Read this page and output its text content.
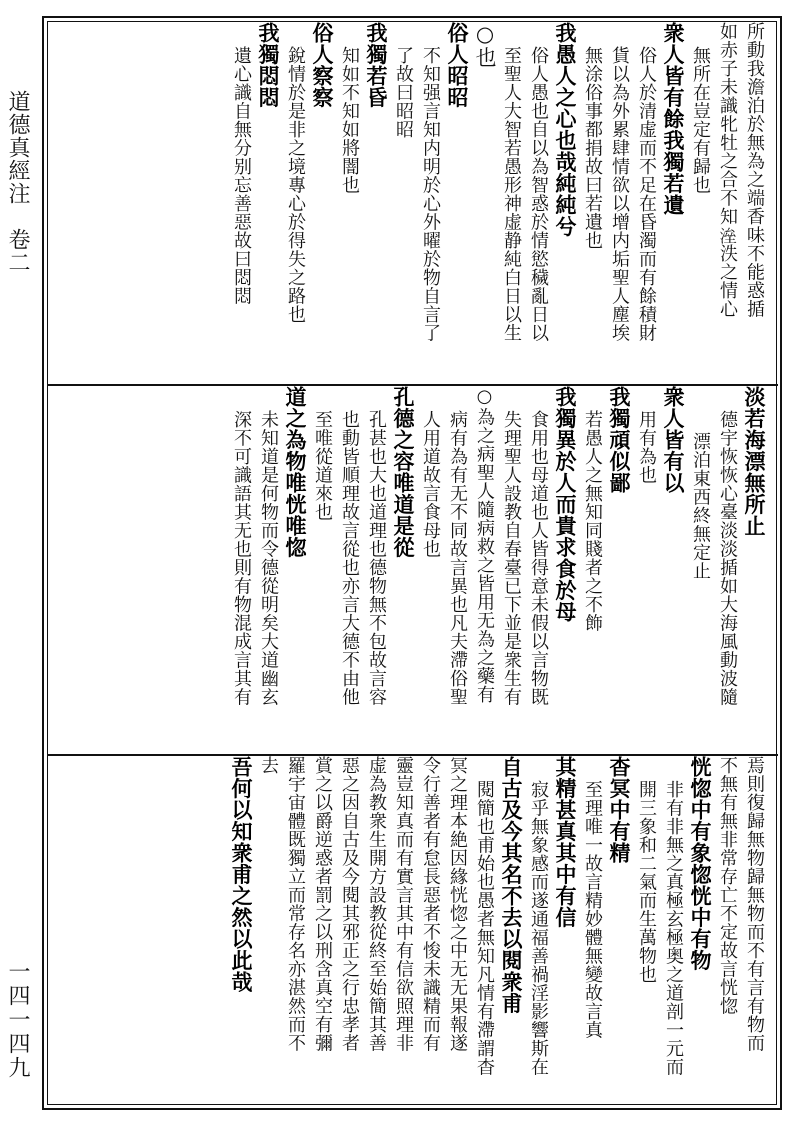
道德真經注　卷二
一四一四九
所動我澹泊於無為之端香味不能惑揗
如赤子未識牝牡之合不知𣸫泆之情心
無所在豈定有歸也
衆人皆有餘我獨若遺
俗人於清虚而不足在昏濁而有餘積財
貨以為外累肆情欲以增内垢聖人塵埃
無涂俗事都捐故曰若遺也
我愚人之心也哉純純兮
俗人愚也自以為智惑於情慾穢亂日以
至聖人大智若愚形神虚静純白日以生
○也
俗人昭昭
不知强言知内明於心外曜於物自言了
了故曰昭昭
我獨若昏
知如不知如將闇也
俗人察察
銳情於是非之境專心於得失之路也
我獨悶悶
遺心識自無分别忘善惡故曰悶悶
淡若海漂無所止
德宇恢恢心臺淡淡揗如大海風動波隨
漂泊東西終無定止
衆人皆有以
用有為也
我獨頑似鄙
若愚人之無知同賤者之不飾
我獨異於人而貴求食於母
食用也母道也人皆得意未假以言物既
失理聖人設教自春臺已下並是衆生有
○為之病聖人隨病救之皆用无為之藥有
病有為有无不同故言異也凡夫滯俗聖
人用道故言食母也
孔德之容唯道是從
孔甚也大也道理也德物無不包故言容
也動皆順理故言從也亦言大德不由他
至唯從道來也
道之為物唯恍唯惚
未知道是何物而令德從明矣大道幽玄
深不可識語其无也則有物混成言其有
焉則復歸無物歸無物而不有言有物而
不無有無非常存亡不定故言恍惚
恍惚中有象惚恍中有物
非有非無之真極玄極奥之道剖一元而
開三象和二氣而生萬物也
杳冥中有精
至理唯一故言精妙體無變故言真
其精甚真其中有信
寂乎無象感而遂通福善禍淫影響斯在
自古及今其名不去以閱衆甫
閱簡也甫始也愚者無知凡情有滯謂杳
冥之理本絶因緣恍惚之中无无果報遂
令行善者有怠長惡者不悛未識精而有
靈豈知真而有實言其中有信欲照理非
虚為教衆生開方設教從終至始簡其善
惡之因自古及今閱其邪正之行忠孝者
賞之以爵逆惑者罰之以刑含真空有彌
羅宇宙體既獨立而常存名亦湛然而不
去
吾何以知衆甫之然以此哉
